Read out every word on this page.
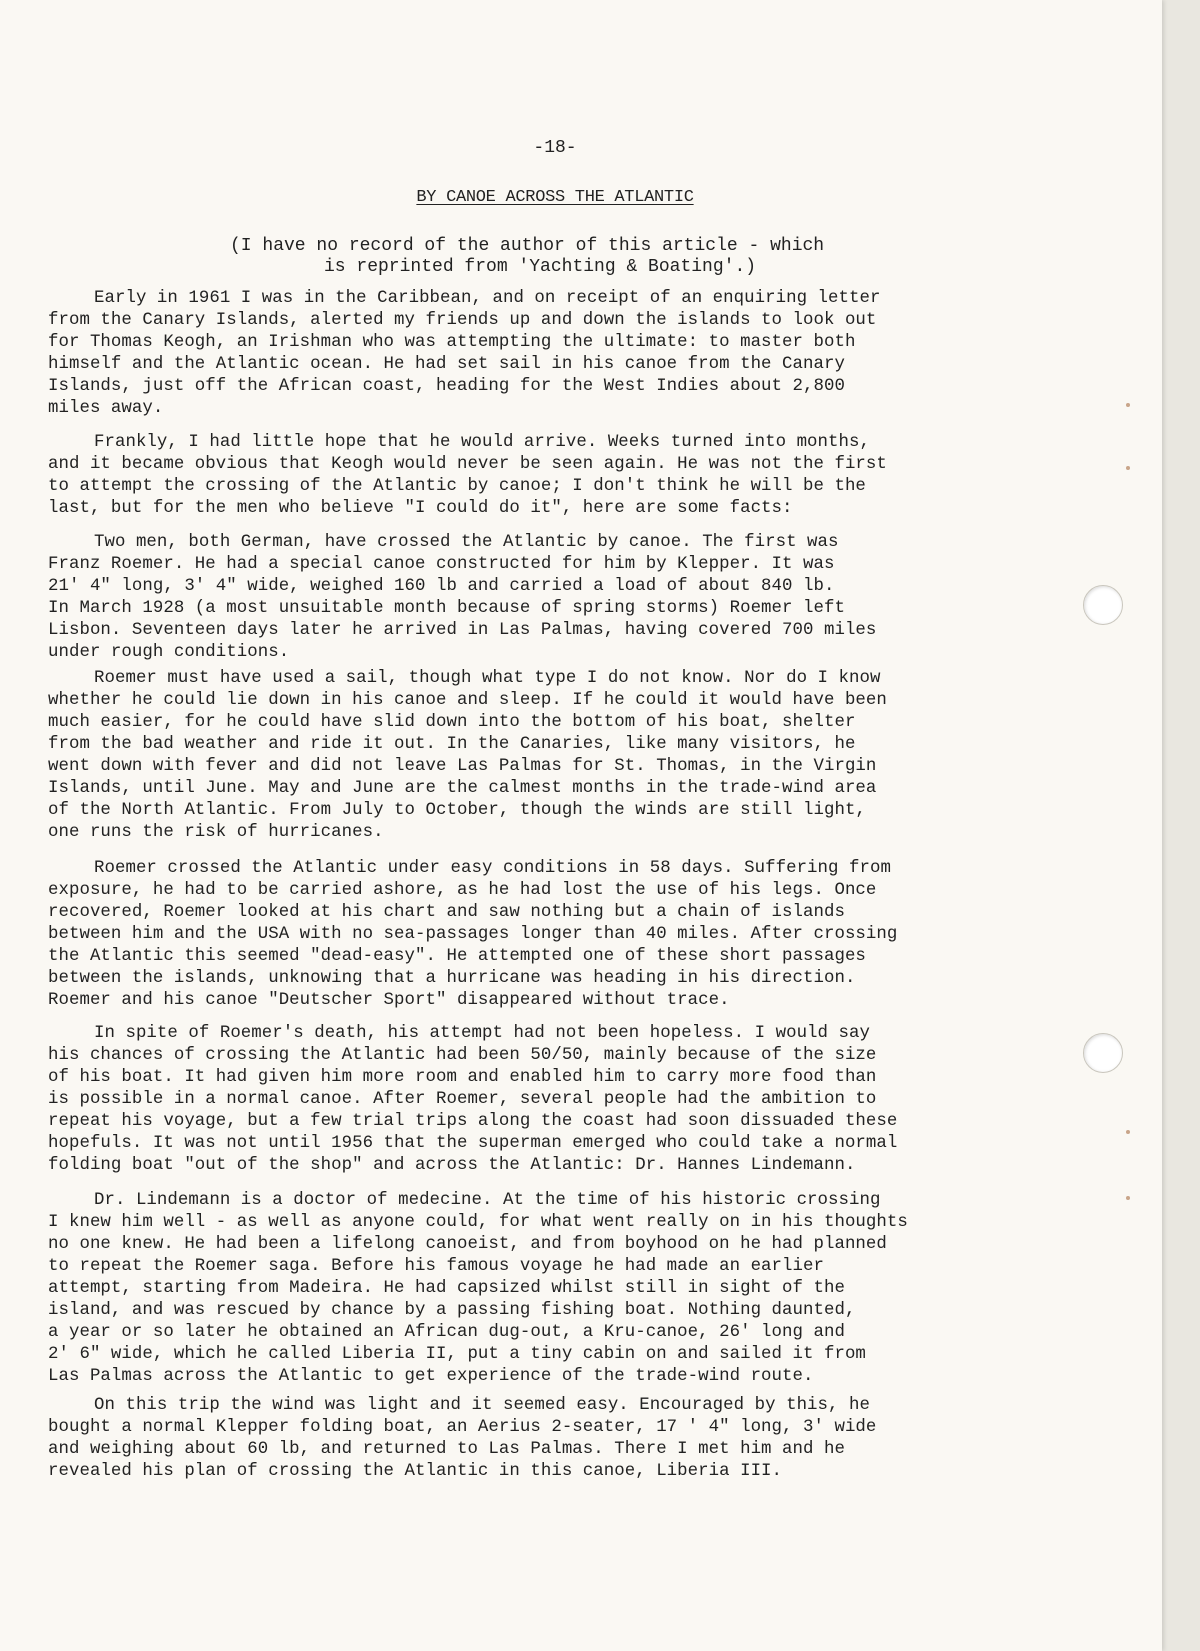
-18-
BY CANOE ACROSS THE ATLANTIC
(I have no record of the author of this article - which
is reprinted from 'Yachting & Boating'.)
Early in 1961 I was in the Caribbean, and on receipt of an enquiring letter
from the Canary Islands, alerted my friends up and down the islands to look out
for Thomas Keogh, an Irishman who was attempting the ultimate: to master both
himself and the Atlantic ocean. He had set sail in his canoe from the Canary
Islands, just off the African coast, heading for the West Indies about 2,800
miles away.
Frankly, I had little hope that he would arrive. Weeks turned into months,
and it became obvious that Keogh would never be seen again. He was not the first
to attempt the crossing of the Atlantic by canoe; I don't think he will be the
last, but for the men who believe "I could do it", here are some facts:
Two men, both German, have crossed the Atlantic by canoe. The first was
Franz Roemer. He had a special canoe constructed for him by Klepper. It was
21' 4" long, 3' 4" wide, weighed 160 lb and carried a load of about 840 lb.
In March 1928 (a most unsuitable month because of spring storms) Roemer left
Lisbon. Seventeen days later he arrived in Las Palmas, having covered 700 miles
under rough conditions.
Roemer must have used a sail, though what type I do not know. Nor do I know
whether he could lie down in his canoe and sleep. If he could it would have been
much easier, for he could have slid down into the bottom of his boat, shelter
from the bad weather and ride it out. In the Canaries, like many visitors, he
went down with fever and did not leave Las Palmas for St. Thomas, in the Virgin
Islands, until June. May and June are the calmest months in the trade-wind area
of the North Atlantic. From July to October, though the winds are still light,
one runs the risk of hurricanes.
Roemer crossed the Atlantic under easy conditions in 58 days. Suffering from
exposure, he had to be carried ashore, as he had lost the use of his legs. Once
recovered, Roemer looked at his chart and saw nothing but a chain of islands
between him and the USA with no sea-passages longer than 40 miles. After crossing
the Atlantic this seemed "dead-easy". He attempted one of these short passages
between the islands, unknowing that a hurricane was heading in his direction.
Roemer and his canoe "Deutscher Sport" disappeared without trace.
In spite of Roemer's death, his attempt had not been hopeless. I would say
his chances of crossing the Atlantic had been 50/50, mainly because of the size
of his boat. It had given him more room and enabled him to carry more food than
is possible in a normal canoe. After Roemer, several people had the ambition to
repeat his voyage, but a few trial trips along the coast had soon dissuaded these
hopefuls. It was not until 1956 that the superman emerged who could take a normal
folding boat "out of the shop" and across the Atlantic: Dr. Hannes Lindemann.
Dr. Lindemann is a doctor of medecine. At the time of his historic crossing
I knew him well - as well as anyone could, for what went really on in his thoughts
no one knew. He had been a lifelong canoeist, and from boyhood on he had planned
to repeat the Roemer saga. Before his famous voyage he had made an earlier
attempt, starting from Madeira. He had capsized whilst still in sight of the
island, and was rescued by chance by a passing fishing boat. Nothing daunted,
a year or so later he obtained an African dug-out, a Kru-canoe, 26' long and
2' 6" wide, which he called Liberia II, put a tiny cabin on and sailed it from
Las Palmas across the Atlantic to get experience of the trade-wind route.
On this trip the wind was light and it seemed easy. Encouraged by this, he
bought a normal Klepper folding boat, an Aerius 2-seater, 17 ' 4" long, 3' wide
and weighing about 60 lb, and returned to Las Palmas. There I met him and he
revealed his plan of crossing the Atlantic in this canoe, Liberia III.
